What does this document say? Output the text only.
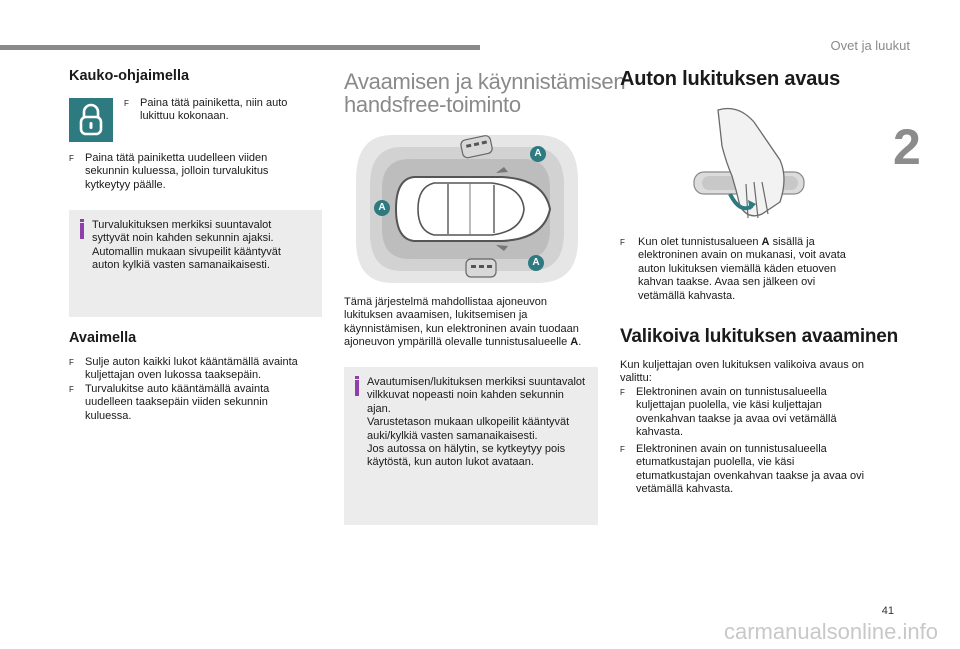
Ovet ja luukut
2
41
carmanualsonline.info
Kauko-ohjaimella
F	Paina tätä painiketta, niin auto lukittuu kokonaan.
F	Paina tätä painiketta uudelleen viiden sekunnin kuluessa, jolloin turvalukitus kytkeytyy päälle.
Turvalukituksen merkiksi suuntavalot syttyvät noin kahden sekunnin ajaksi. Automallin mukaan sivupeilit kääntyvät auton kylkiä vasten samanaikaisesti.
Avaimella
F	Sulje auton kaikki lukot kääntämällä avainta kuljettajan oven lukossa taaksepäin.
F	Turvalukitse auto kääntämällä avainta uudelleen taaksepäin viiden sekunnin kuluessa.
Avaamisen ja käynnistämisen
handsfree-toiminto
A
A
A
Tämä järjestelmä mahdollistaa ajoneuvon lukituksen avaamisen, lukitsemisen ja käynnistämisen, kun elektroninen avain tuodaan ajoneuvon ympärillä olevalle tunnistusalueelle A.
Avautumisen/lukituksen merkiksi suuntavalot vilkkuvat nopeasti noin kahden sekunnin ajan.
Varustetason mukaan ulkopeilit kääntyvät auki/kylkiä vasten samanaikaisesti.
Jos autossa on hälytin, se kytkeytyy pois käytöstä, kun auton lukot avataan.
Auton lukituksen avaus
F	Kun olet tunnistusalueen A sisällä ja elektroninen avain on mukanasi, voit avata auton lukituksen viemällä käden etuoven kahvan taakse. Avaa sen jälkeen ovi vetämällä kahvasta.
Valikoiva lukituksen avaaminen
Kun kuljettajan oven lukituksen valikoiva avaus on valittu:
F	Elektroninen avain on tunnistusalueella kuljettajan puolella, vie käsi kuljettajan ovenkahvan taakse ja avaa ovi vetämällä kahvasta.
F	Elektroninen avain on tunnistusalueella etumatkustajan puolella, vie käsi etumatkustajan ovenkahvan taakse ja avaa ovi vetämällä kahvasta.
